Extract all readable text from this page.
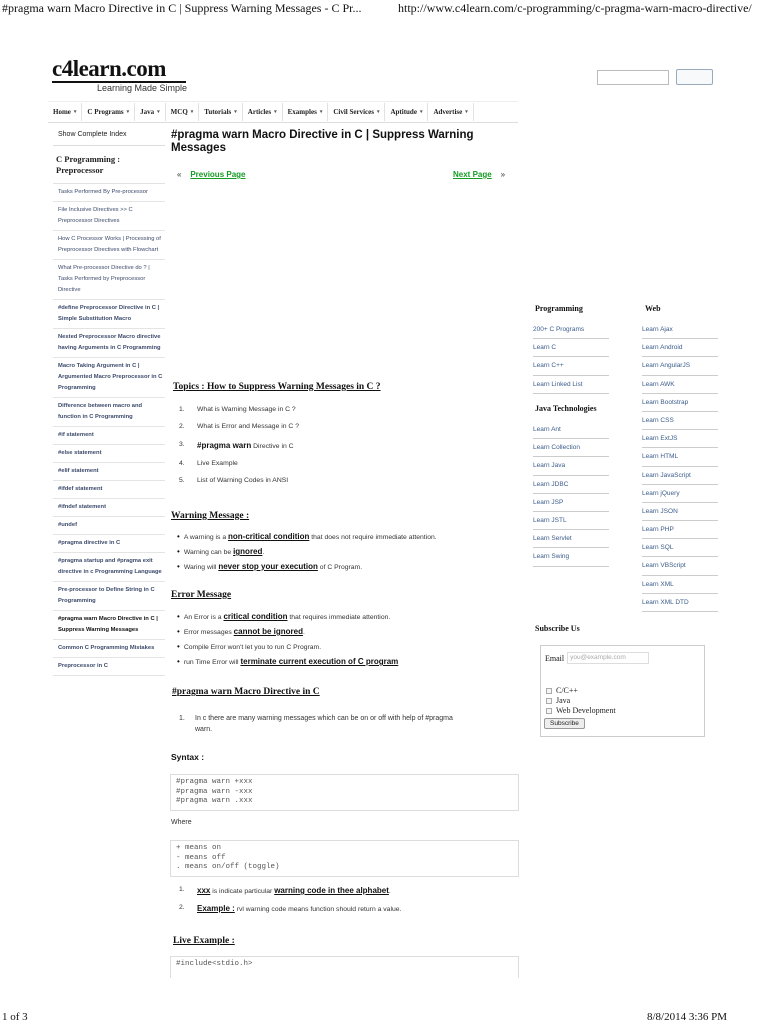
#pragma warn Macro Directive in C | Suppress Warning Messages - C Pr...	http://www.c4learn.com/c-programming/c-pragma-warn-macro-directive/
c4learn.com
Learning Made Simple
Home ▾ C Programs ▾ Java ▾ MCQ ▾ Tutorials ▾ Articles ▾ Examples ▾ Civil Services ▾ Aptitude ▾ Advertise ▾
Show Complete Index
C Programming : Preprocessor
Tasks Performed By Pre-processor
File Inclusive Directives >> C Preprocessor Directives
How C Processor Works | Processing of Preprocessor Directives with Flowchart
What Pre-processor Directive do ? | Tasks Performed by Preprocessor Directive
#define Preprocessor Directive in C | Simple Substitution Macro
Nested Preprocessor Macro directive having Arguments in C Programming
Macro Taking Argument in C | Argumented Macro Preprocessor in C Programming
Difference between macro and function in C Programming
#if statement
#else statement
#elif statement
#ifdef statement
#ifndef statement
#undef
#pragma directive in C
#pragma startup and #pragma exit directive in c Programming Language
Pre-processor to Define String in C Programming
#pragma warn Macro Directive in C | Suppress Warning Messages
Common C Programming Mistakes
Preprocessor in C
#pragma warn Macro Directive in C | Suppress Warning Messages
« Previous Page	Next Page »
Topics : How to Suppress Warning Messages in C ?
1.	What is Warning Message in C ?
2.	What is Error and Message in C ?
3.	#pragma warn Directive in C
4.	Live Example
5.	List of Warning Codes in ANSI
Warning Message :
• A warning is a non-critical condition that does not require immediate attention.
• Warning can be ignored.
• Waring will never stop your execution of C Program.
Error Message
• An Error is a critical condition that requires immediate attention.
• Error messages cannot be ignored.
• Compile Error won't let you to run C Program.
• run Time Error will terminate current execution of C program
#pragma warn Macro Directive in C
1.	In c there are many warning messages which can be on or off with help of #pragma
warn.
Syntax :
#pragma warn +xxx
#pragma warn -xxx
#pragma warn .xxx
Where
+ means on
- means off
. means on/off (toggle)
1.	xxx is indicate particular warning code in thee alphabet.
2.	Example : rvl warning code means function should return a value.
Live Example :
#include<stdio.h>
Programming
200+ C Programs
Learn C
Learn C++
Learn Linked List
Java Technologies
Learn Ant
Learn Collection
Learn Java
Learn JDBC
Learn JSP
Learn JSTL
Learn Servlet
Learn Swing
Web
Learn Ajax
Learn Android
Learn AngularJS
Learn AWK
Learn Bootstrap
Learn CSS
Learn ExtJS
Learn HTML
Learn JavaScript
Learn jQuery
Learn JSON
Learn PHP
Learn SQL
Learn VBScript
Learn XML
Learn XML DTD
Subscribe Us
Email you@example.com
C/C++
Java
Web Development
Subscribe
1 of 3	8/8/2014 3:36 PM
